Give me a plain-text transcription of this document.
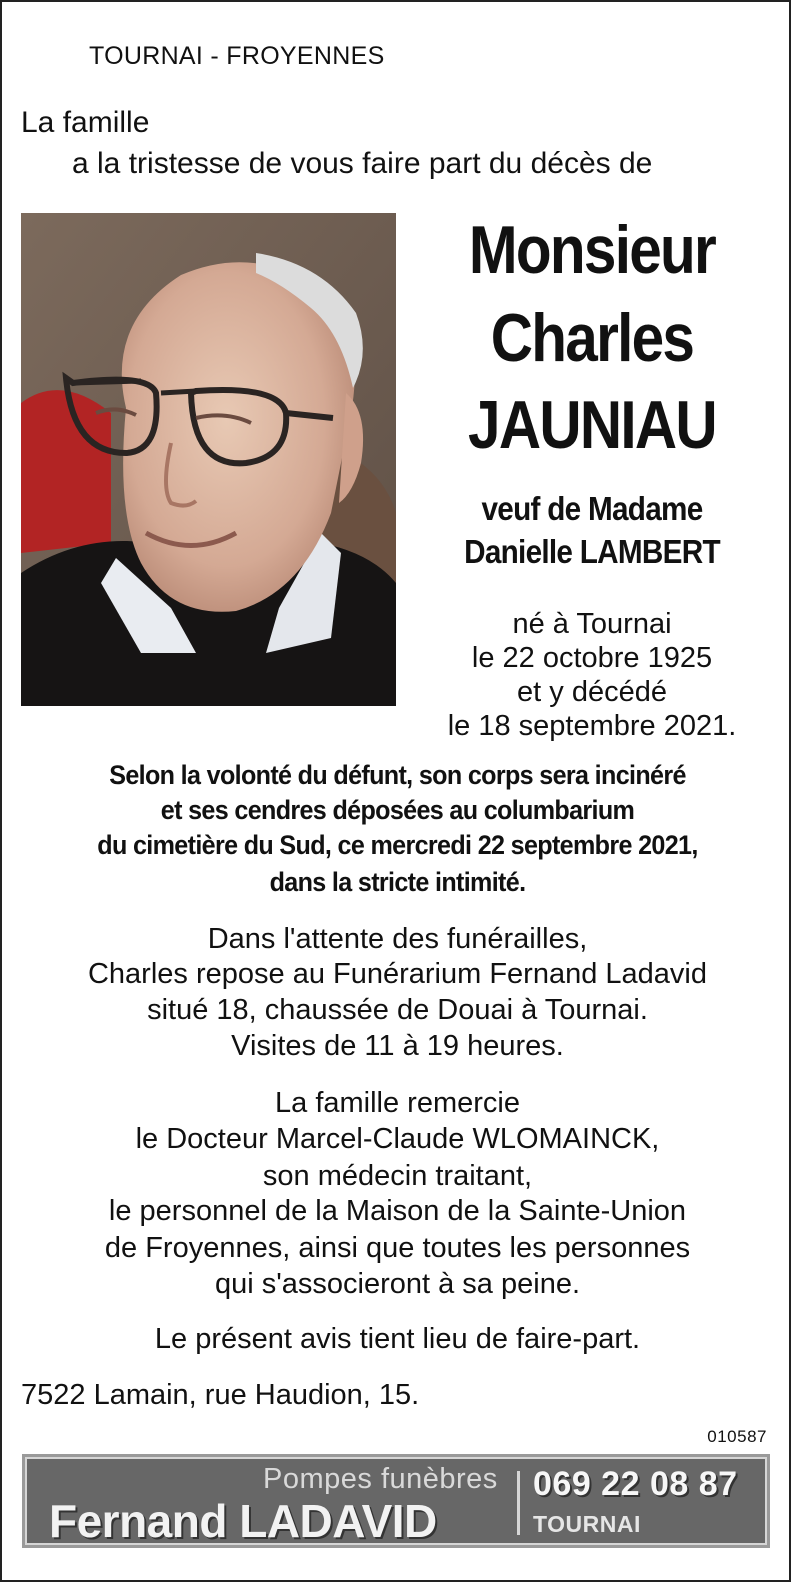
TOURNAI - FROYENNES
La famille
a la tristesse de vous faire part du décès de
Monsieur
Charles
JAUNIAU
veuf de Madame
Danielle LAMBERT
né à Tournai
le 22 octobre 1925
et y décédé
le 18 septembre 2021.
Selon la volonté du défunt, son corps sera incinéré
et ses cendres déposées au columbarium
du cimetière du Sud, ce mercredi 22 septembre 2021,
dans la stricte intimité.
Dans l'attente des funérailles,
Charles repose au Funérarium Fernand Ladavid
situé 18, chaussée de Douai à Tournai.
Visites de 11 à 19 heures.
La famille remercie
le Docteur Marcel-Claude WLOMAINCK,
son médecin traitant,
le personnel de la Maison de la Sainte-Union
de Froyennes, ainsi que toutes les personnes
qui s'associeront à sa peine.
Le présent avis tient lieu de faire-part.
7522 Lamain, rue Haudion, 15.
010587
Pompes funèbres
Fernand LADAVID
069 22 08 87
TOURNAI
